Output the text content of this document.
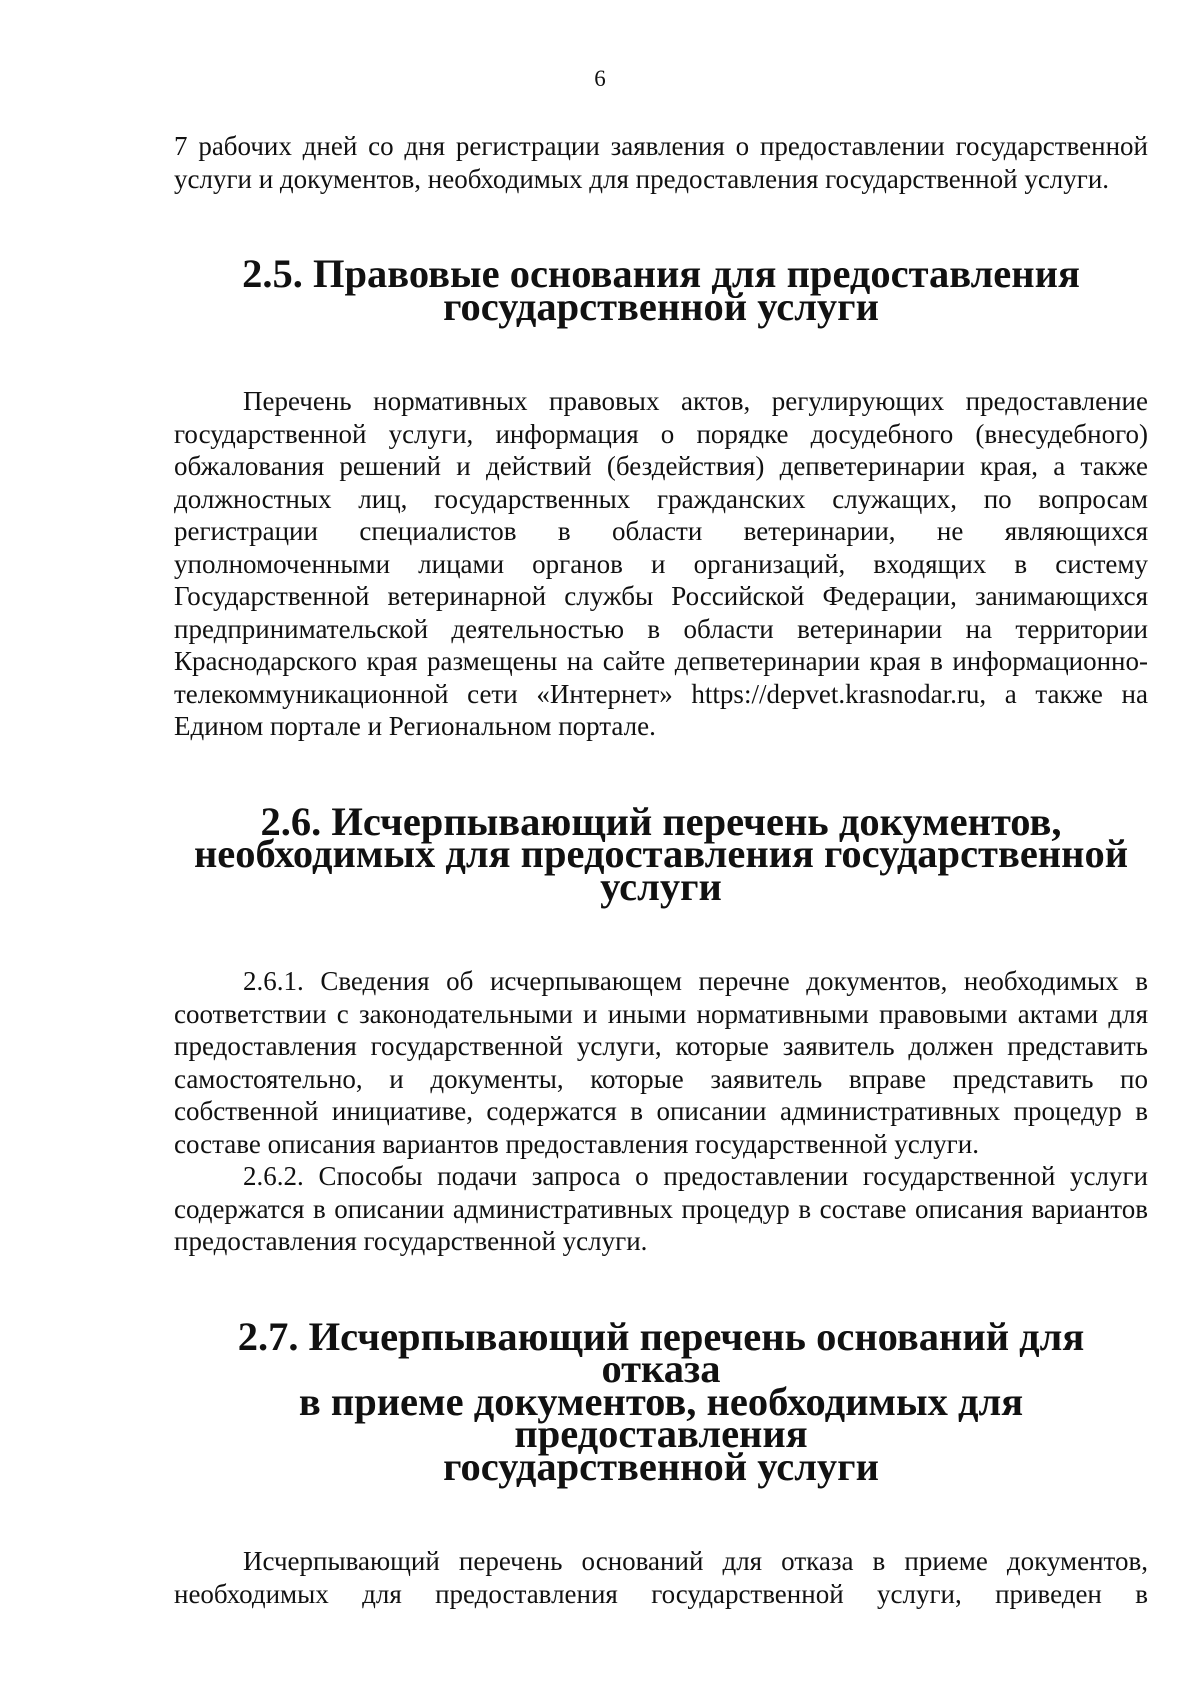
6

7 рабочих дней со дня регистрации заявления о предоставлении государственной услуги и документов, необходимых для предоставления государственной услуги.

2.5. Правовые основания для предоставления
государственной услуги

Перечень нормативных правовых актов, регулирующих предоставление государственной услуги, информация о порядке досудебного (внесудебного) обжалования решений и действий (бездействия) депветеринарии края, а также должностных лиц, государственных гражданских служащих, по вопросам регистрации специалистов в области ветеринарии, не являющихся уполномоченными лицами органов и организаций, входящих в систему Государственной ветеринарной службы Российской Федерации, занимающихся предпринимательской деятельностью в области ветеринарии на территории Краснодарского края размещены на сайте депветеринарии края в информационно-телекоммуникационной сети «Интернет» https://depvet.krasnodar.ru, а также на Едином портале и Региональном портале.

2.6. Исчерпывающий перечень документов,
необходимых для предоставления государственной услуги

2.6.1. Сведения об исчерпывающем перечне документов, необходимых в соответствии с законодательными и иными нормативными правовыми актами для предоставления государственной услуги, которые заявитель должен представить самостоятельно, и документы, которые заявитель вправе представить по собственной инициативе, содержатся в описании административных процедур в составе описания вариантов предоставления государственной услуги.

2.6.2. Способы подачи запроса о предоставлении государственной услуги содержатся в описании административных процедур в составе описания вариантов предоставления государственной услуги.

2.7. Исчерпывающий перечень оснований для отказа
в приеме документов, необходимых для предоставления
государственной услуги

Исчерпывающий перечень оснований для отказа в приеме документов, необходимых для предоставления государственной услуги, приведен в
